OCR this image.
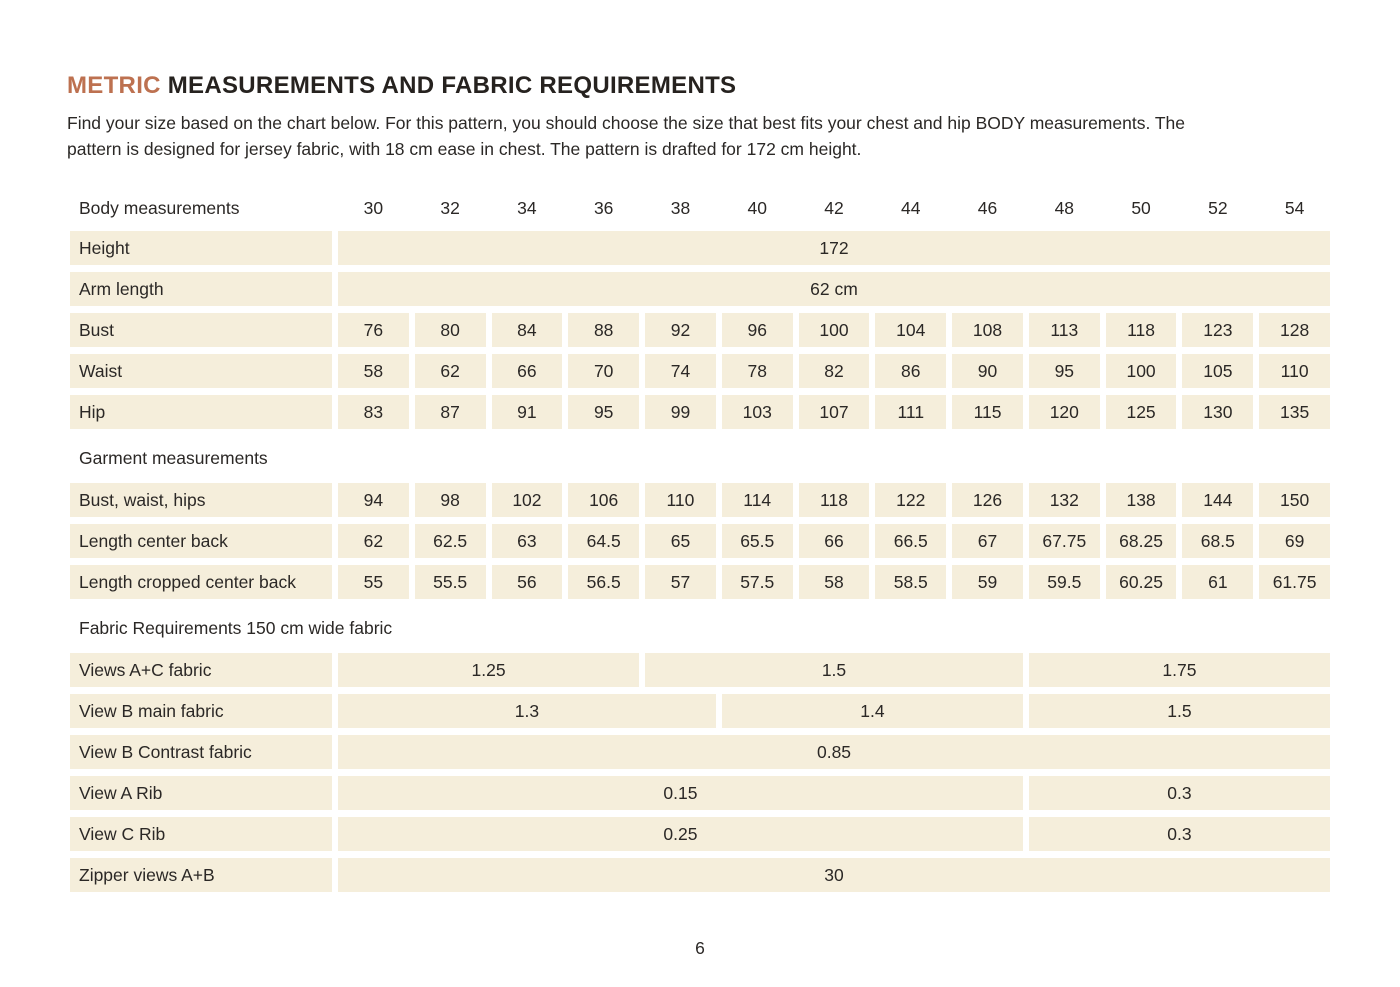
METRIC MEASUREMENTS AND FABRIC REQUIREMENTS

Find your size based on the chart below. For this pattern, you should choose the size that best fits your chest and hip BODY measurements. The pattern is designed for jersey fabric, with 18 cm ease in chest. The pattern is drafted for 172 cm height.

Body measurements	30	32	34	36	38	40	42	44	46	48	50	52	54
Height	172
Arm length	62 cm
Bust	76	80	84	88	92	96	100	104	108	113	118	123	128
Waist	58	62	66	70	74	78	82	86	90	95	100	105	110
Hip	83	87	91	95	99	103	107	111	115	120	125	130	135
Garment measurements
Bust, waist, hips	94	98	102	106	110	114	118	122	126	132	138	144	150
Length center back	62	62.5	63	64.5	65	65.5	66	66.5	67	67.75	68.25	68.5	69
Length cropped center back	55	55.5	56	56.5	57	57.5	58	58.5	59	59.5	60.25	61	61.75
Fabric Requirements 150 cm wide fabric
Views A+C fabric	1.25	1.5	1.75
View B main fabric	1.3	1.4	1.5
View B Contrast fabric	0.85
View A Rib	0.15	0.3
View C Rib	0.25	0.3
Zipper views A+B	30
6
